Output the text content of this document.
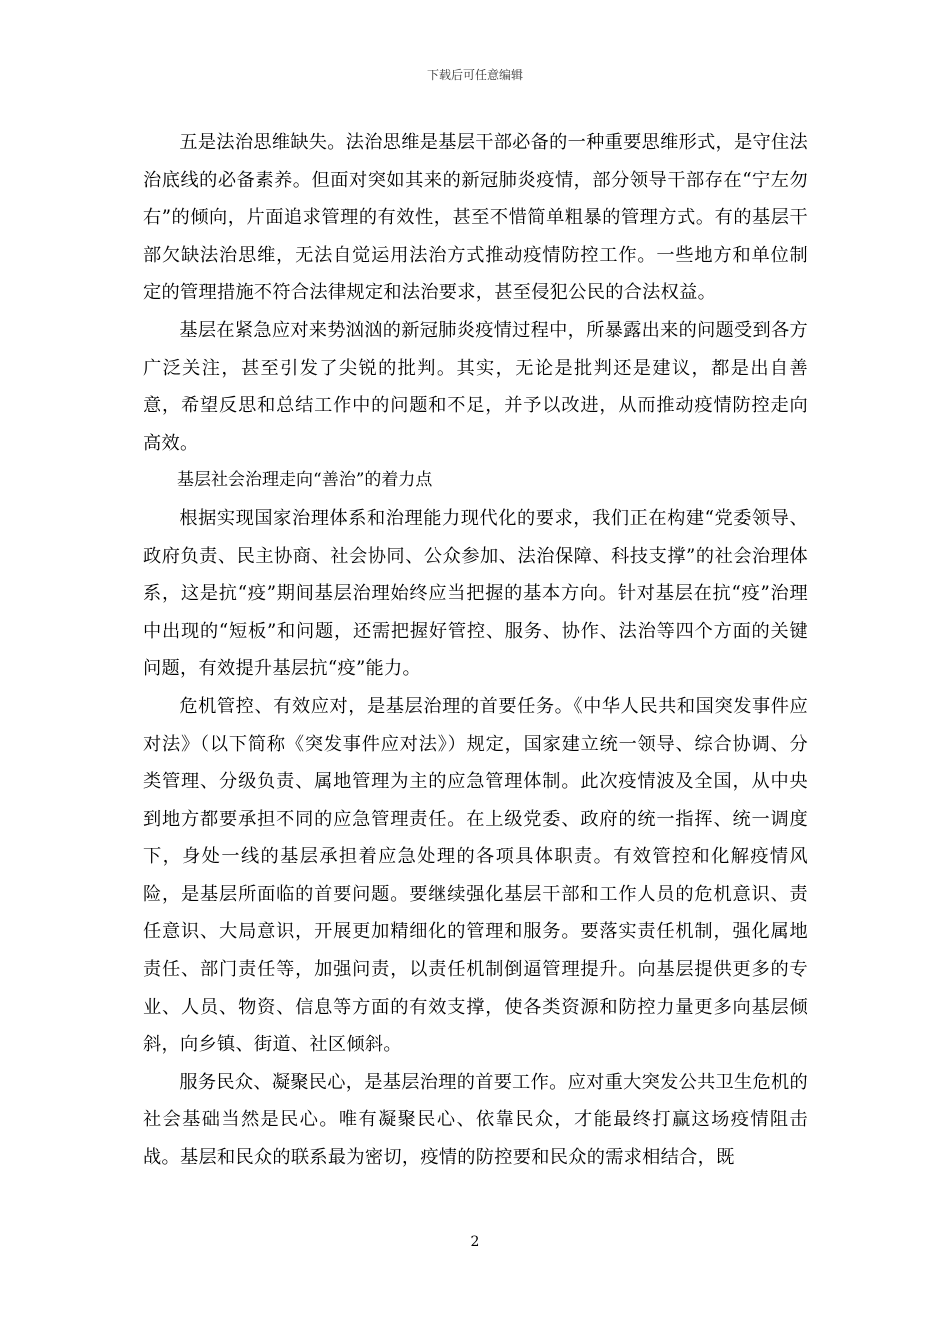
下载后可任意编辑

五是法治思维缺失。法治思维是基层干部必备的一种重要思维形式，是守住法治底线的必备素养。但面对突如其来的新冠肺炎疫情，部分领导干部存在“宁左勿右”的倾向，片面追求管理的有效性，甚至不惜简单粗暴的管理方式。有的基层干部欠缺法治思维，无法自觉运用法治方式推动疫情防控工作。一些地方和单位制定的管理措施不符合法律规定和法治要求，甚至侵犯公民的合法权益。

基层在紧急应对来势汹汹的新冠肺炎疫情过程中，所暴露出来的问题受到各方广泛关注，甚至引发了尖锐的批判。其实，无论是批判还是建议，都是出自善意，希望反思和总结工作中的问题和不足，并予以改进，从而推动疫情防控走向高效。

基层社会治理走向“善治”的着力点

根据实现国家治理体系和治理能力现代化的要求，我们正在构建“党委领导、政府负责、民主协商、社会协同、公众参加、法治保障、科技支撑”的社会治理体系，这是抗“疫”期间基层治理始终应当把握的基本方向。针对基层在抗“疫”治理中出现的“短板”和问题，还需把握好管控、服务、协作、法治等四个方面的关键问题，有效提升基层抗“疫”能力。

危机管控、有效应对，是基层治理的首要任务。《中华人民共和国突发事件应对法》（以下简称《突发事件应对法》）规定，国家建立统一领导、综合协调、分类管理、分级负责、属地管理为主的应急管理体制。此次疫情波及全国，从中央到地方都要承担不同的应急管理责任。在上级党委、政府的统一指挥、统一调度下，身处一线的基层承担着应急处理的各项具体职责。有效管控和化解疫情风险，是基层所面临的首要问题。要继续强化基层干部和工作人员的危机意识、责任意识、大局意识，开展更加精细化的管理和服务。要落实责任机制，强化属地责任、部门责任等，加强问责，以责任机制倒逼管理提升。向基层提供更多的专业、人员、物资、信息等方面的有效支撑，使各类资源和防控力量更多向基层倾斜，向乡镇、街道、社区倾斜。

服务民众、凝聚民心，是基层治理的首要工作。应对重大突发公共卫生危机的社会基础当然是民心。唯有凝聚民心、依靠民众，才能最终打赢这场疫情阻击战。基层和民众的联系最为密切，疫情的防控要和民众的需求相结合，既

2
